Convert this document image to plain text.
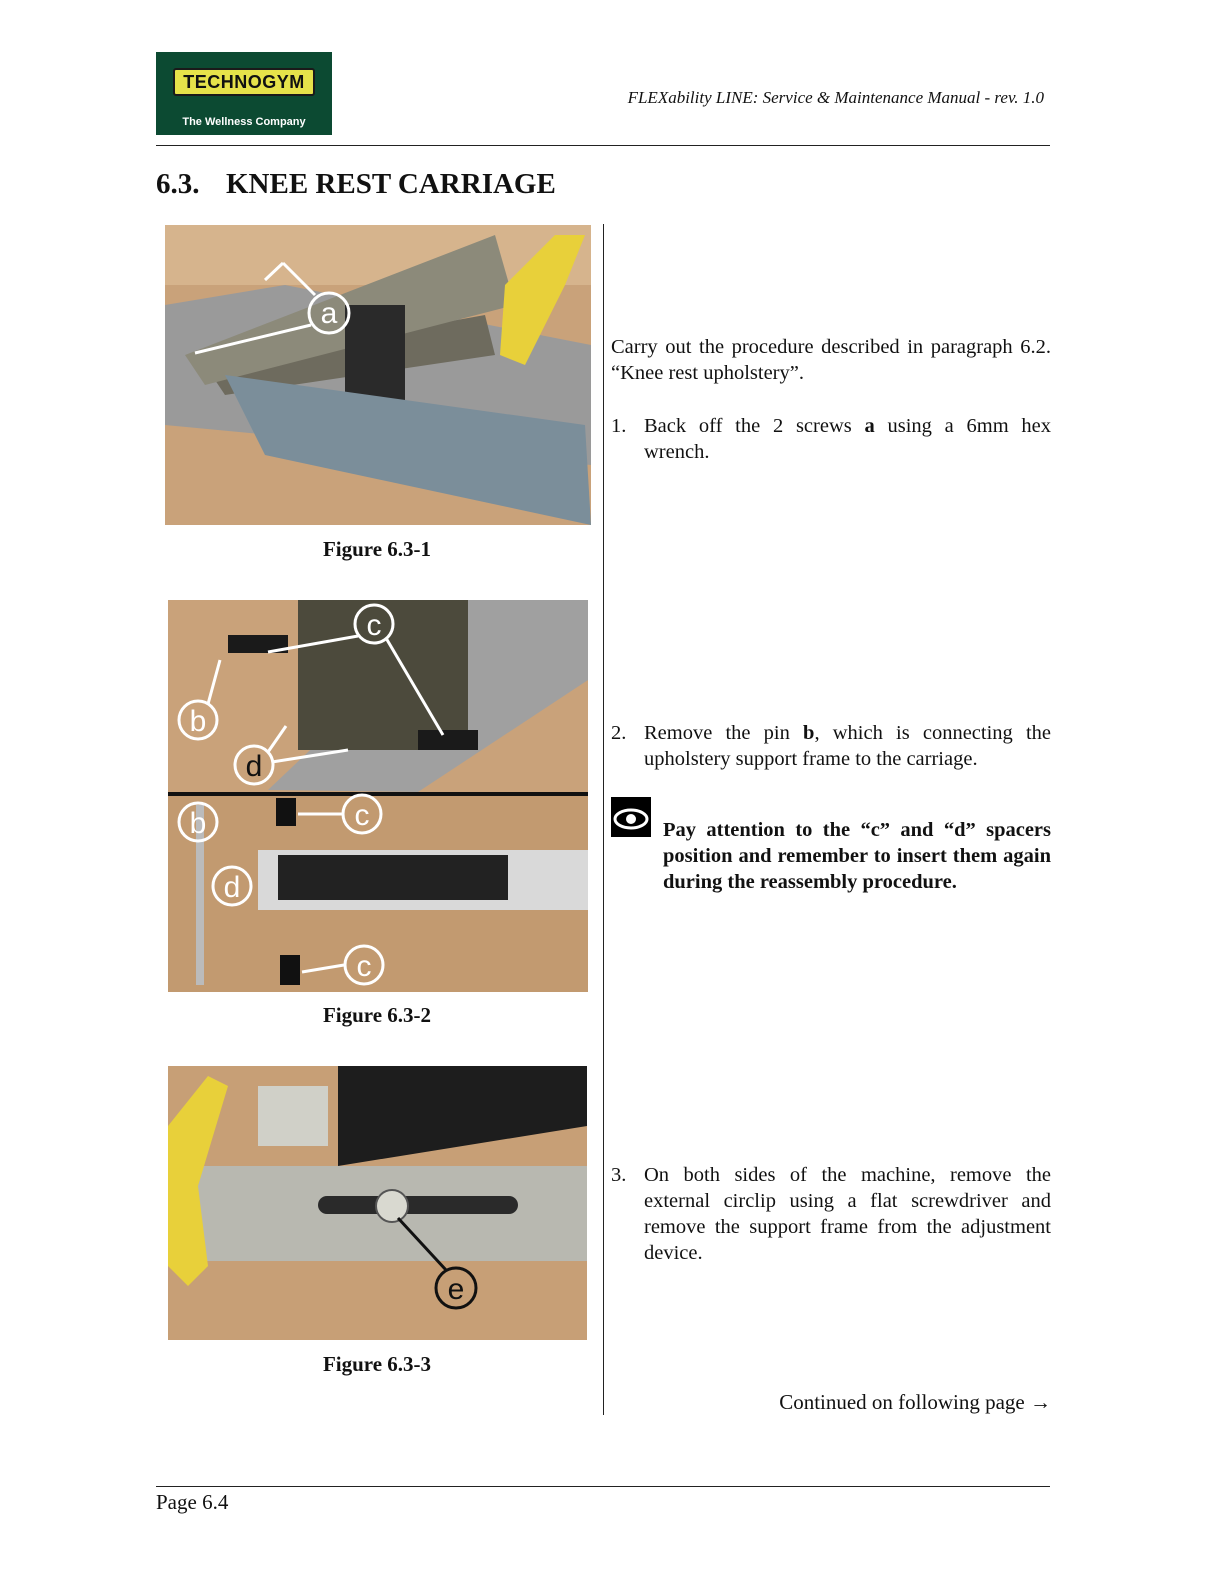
TECHNOGYM
The Wellness Company
FLEXability LINE: Service & Maintenance Manual - rev. 1.0
6.3. KNEE REST CARRIAGE
a
Figure 6.3-1
c
b
d
b	c
d
c
Figure 6.3-2
e
Figure 6.3-3
Carry out the procedure described in paragraph 6.2. “Knee rest upholstery”.
1. Back off the 2 screws a using a 6mm hex wrench.
2. Remove the pin b, which is connecting the upholstery support frame to the carriage.
Pay attention to the “c” and “d” spacers position and remember to insert them again during the reassembly procedure.
3. On both sides of the machine, remove the external circlip using a flat screwdriver and remove the support frame from the adjustment device.
Continued on following page →
Page 6.4
